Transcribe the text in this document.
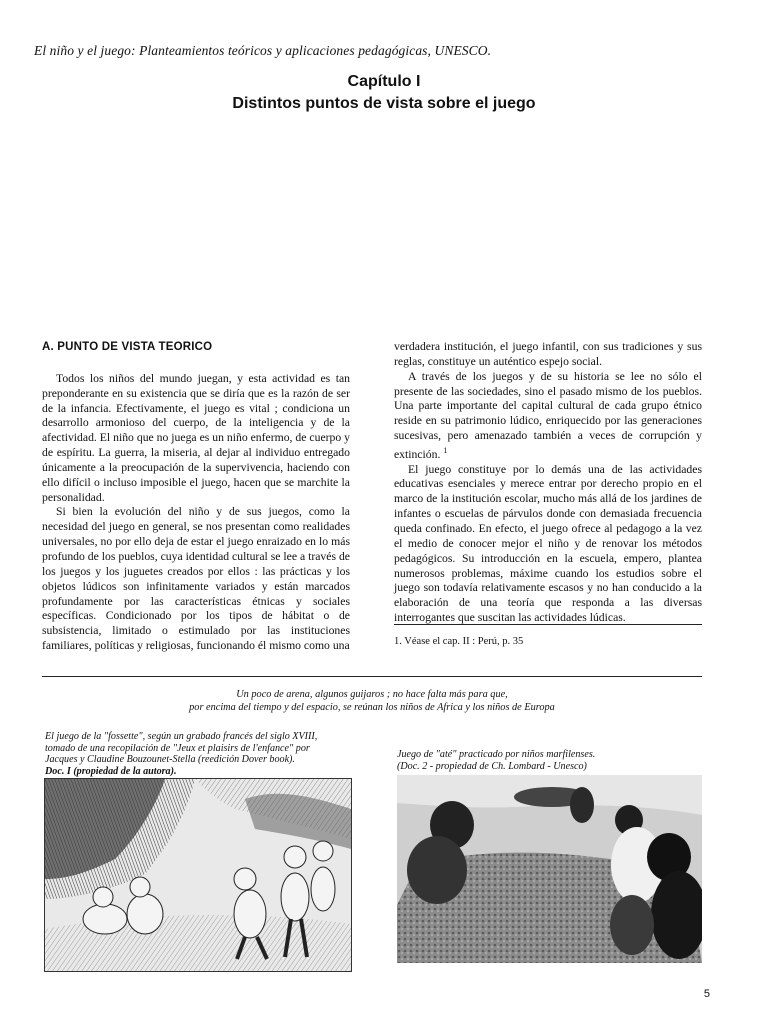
El niño y el juego: Planteamientos teóricos y aplicaciones pedagógicas, UNESCO.
Capítulo I
Distintos puntos de vista sobre el juego
A. PUNTO DE VISTA TEORICO

Todos los niños del mundo juegan, y esta actividad es tan preponderante en su existencia que se diría que es la razón de ser de la infancia. Efectivamente, el juego es vital ; condiciona un desarrollo armonioso del cuerpo, de la inteligencia y de la afectividad. El niño que no juega es un niño enfermo, de cuerpo y de espíritu. La guerra, la miseria, al dejar al individuo entregado únicamente a la preocupación de la supervivencia, haciendo con ello difícil o incluso imposible el juego, hacen que se marchite la personalidad.

Si bien la evolución del niño y de sus juegos, como la necesidad del juego en general, se nos presentan como realidades universales, no por ello deja de estar el juego enraizado en lo más profundo de los pueblos, cuya identidad cultural se lee a través de los juegos y los juguetes creados por ellos : las prácticas y los objetos lúdicos son infinitamente variados y están marcados profundamente por las características étnicas y sociales específicas. Condicionado por los tipos de hábitat o de subsistencia, limitado o estimulado por las instituciones familiares, políticas y religiosas, funcionando él mismo como una

verdadera institución, el juego infantil, con sus tradiciones y sus reglas, constituye un auténtico espejo social.

A través de los juegos y de su historia se lee no sólo el presente de las sociedades, sino el pasado mismo de los pueblos. Una parte importante del capital cultural de cada grupo étnico reside en su patrimonio lúdico, enriquecido por las generaciones sucesivas, pero amenazado también a veces de corrupción y extinción. $^1$

El juego constituye por lo demás una de las actividades educativas esenciales y merece entrar por derecho propio en el marco de la institución escolar, mucho más allá de los jardines de infantes o escuelas de párvulos donde con demasiada frecuencia queda confinado. En efecto, el juego ofrece al pedagogo a la vez el medio de conocer mejor el niño y de renovar los métodos pedagógicos. Su introducción en la escuela, empero, plantea numerosos problemas, máxime cuando los estudios sobre el juego son todavía relativamente escasos y no han conducido a la elaboración de una teoría que responda a las diversas interrogantes que suscitan las actividades lúdicas.

1. Véase el cap. II : Perú, p. 35
Un poco de arena, algunos guijaros ; no hace falta más para que,
por encima del tiempo y del espacio, se reúnan los niños de Africa y los niños de Europa
El juego de la "fossette", según un grabado francés del siglo XVIII,
tomado de una recopilación de "Jeux et plaisirs de l'enfance" por
Jacques y Claudine Bouzounet-Stella (reedición Dover book).
Doc. I (propiedad de la autora).
Juego de "até" practicado por niños marfilenses.
(Doc. 2 - propiedad de Ch. Lombard - Unesco)
5
